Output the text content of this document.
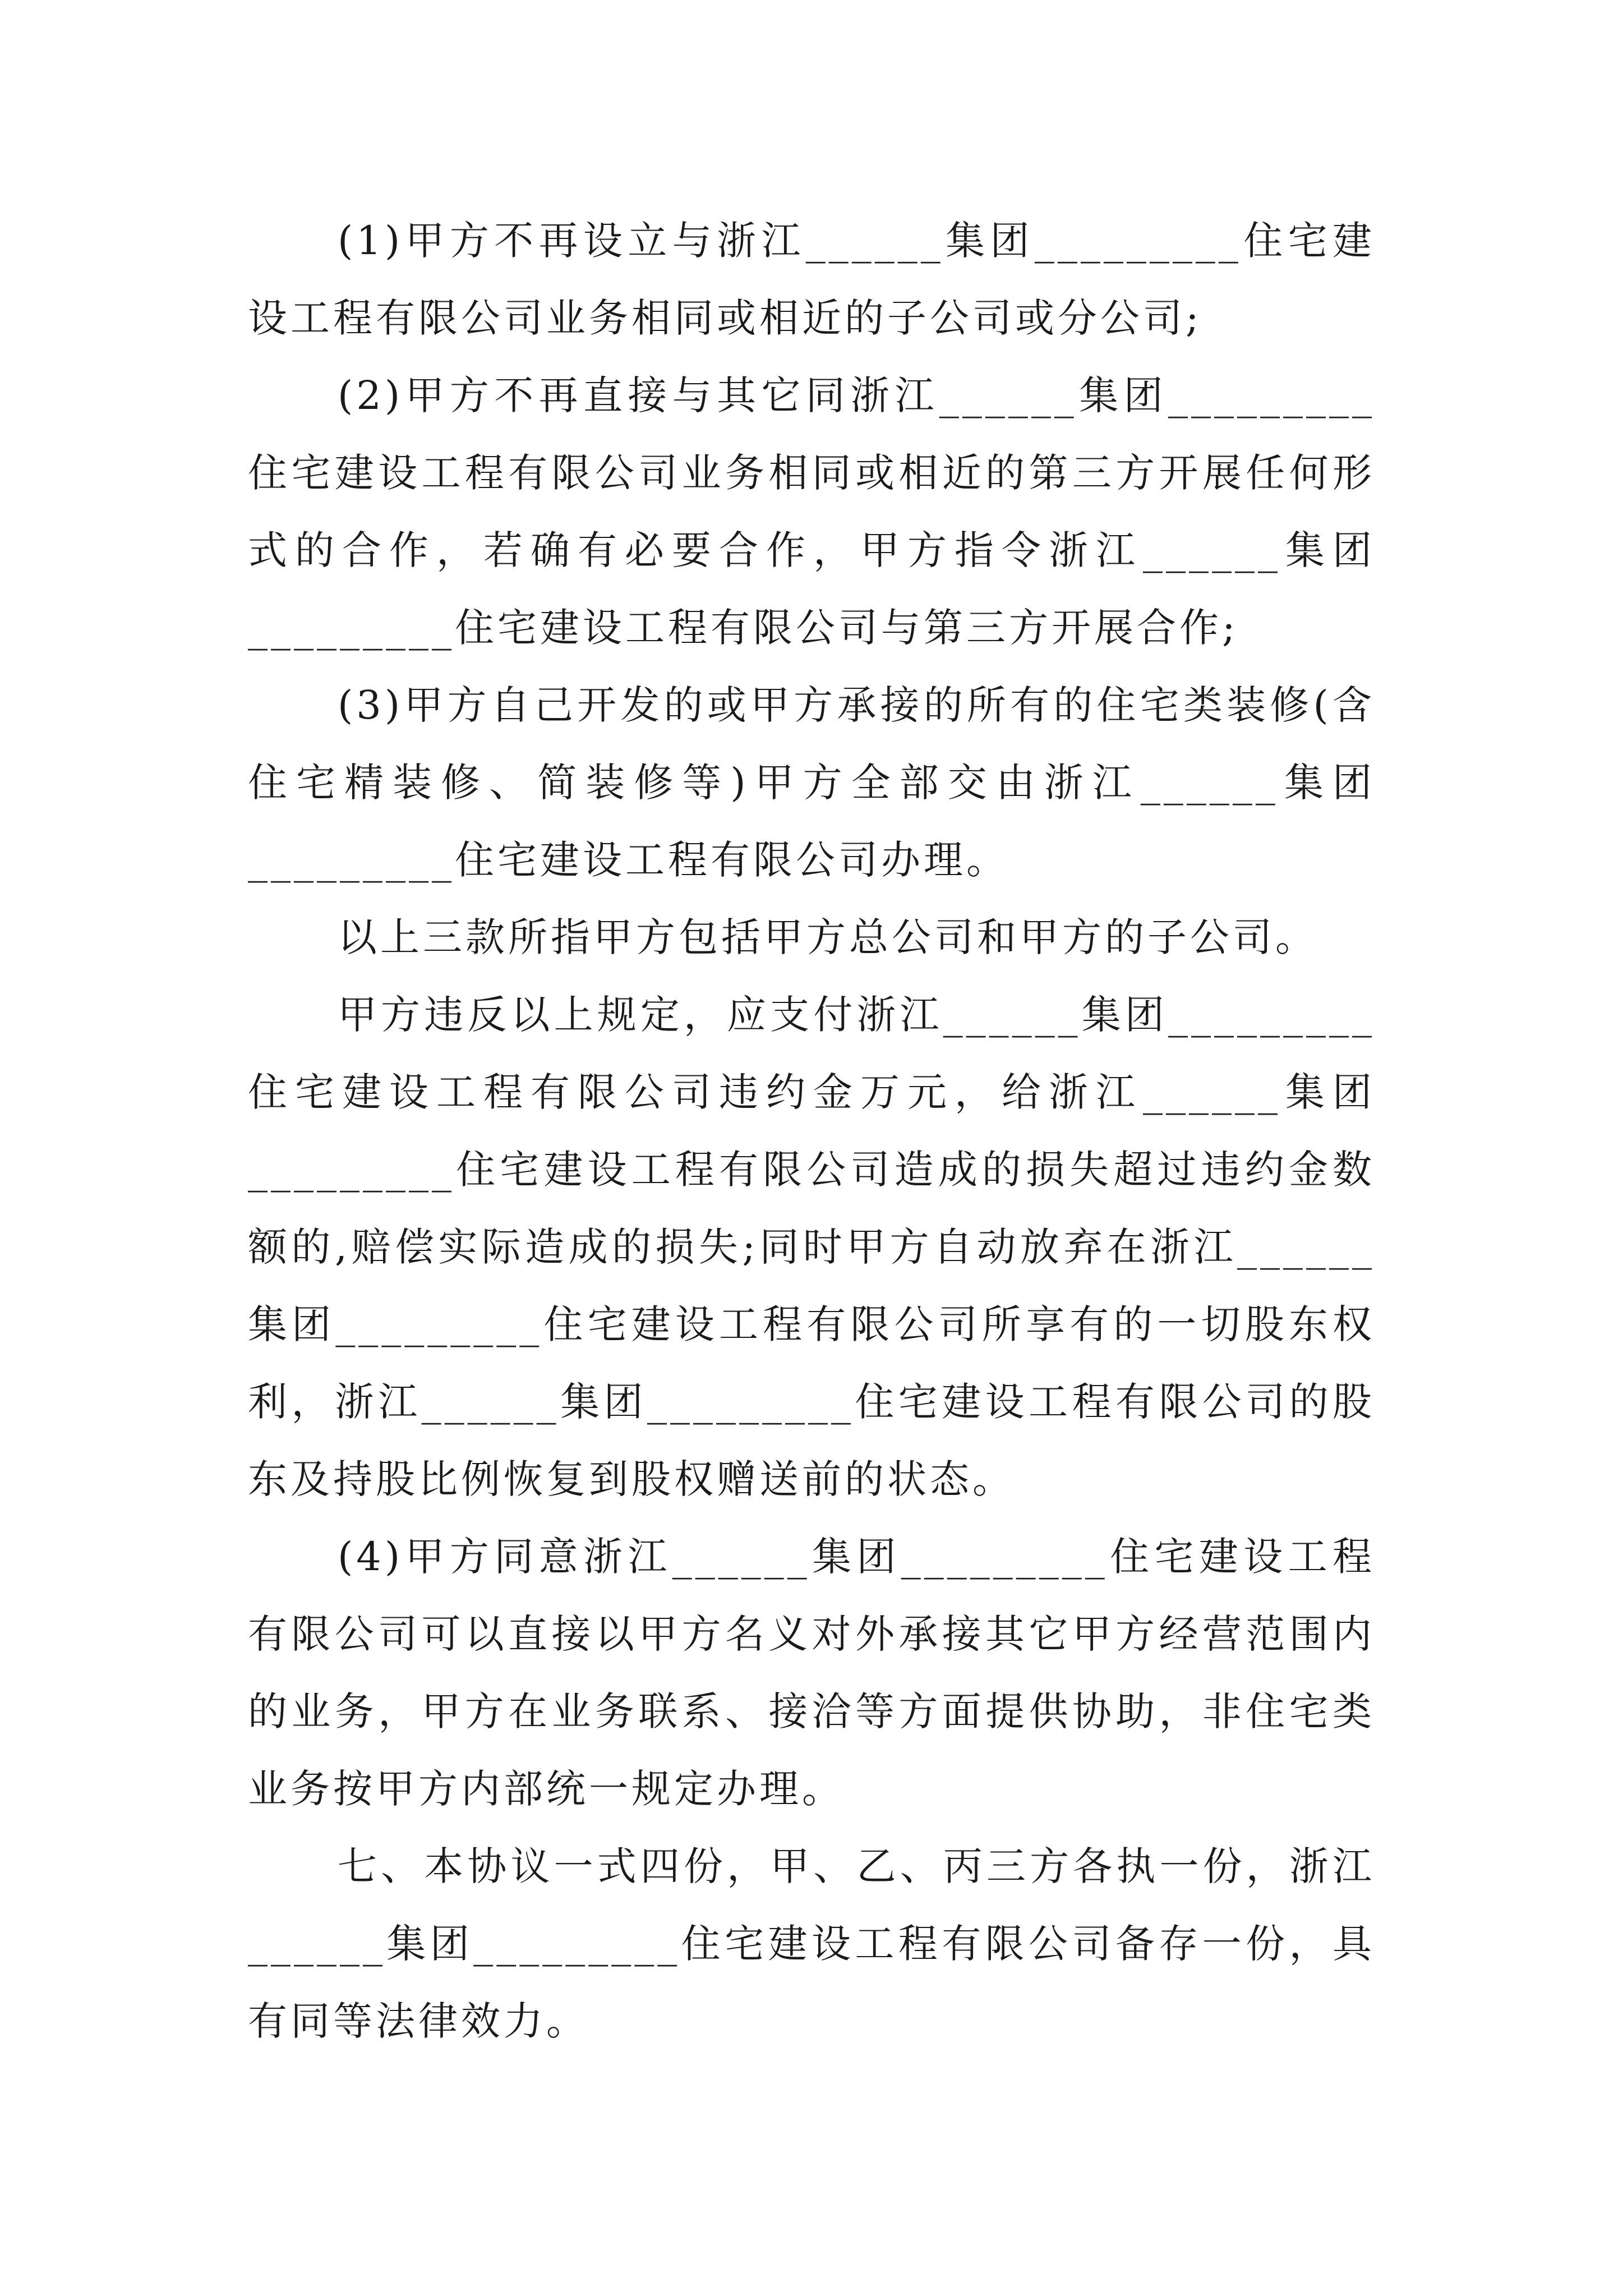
(1)甲方不再设立与浙江______集团_________住宅建设工程有限公司业务相同或相近的子公司或分公司;

(2)甲方不再直接与其它同浙江______集团_________住宅建设工程有限公司业务相同或相近的第三方开展任何形式的合作，若确有必要合作，甲方指令浙江______集团_________住宅建设工程有限公司与第三方开展合作;

(3)甲方自己开发的或甲方承接的所有的住宅类装修(含住宅精装修、简装修等)甲方全部交由浙江______集团_________住宅建设工程有限公司办理。

以上三款所指甲方包括甲方总公司和甲方的子公司。

甲方违反以上规定，应支付浙江______集团_________住宅建设工程有限公司违约金万元，给浙江______集团_________住宅建设工程有限公司造成的损失超过违约金数额的,赔偿实际造成的损失;同时甲方自动放弃在浙江______集团_________住宅建设工程有限公司所享有的一切股东权利，浙江______集团_________住宅建设工程有限公司的股东及持股比例恢复到股权赠送前的状态。

(4)甲方同意浙江______集团_________住宅建设工程有限公司可以直接以甲方名义对外承接其它甲方经营范围内的业务，甲方在业务联系、接洽等方面提供协助，非住宅类业务按甲方内部统一规定办理。

七、本协议一式四份，甲、乙、丙三方各执一份，浙江______集团_________住宅建设工程有限公司备存一份，具有同等法律效力。
